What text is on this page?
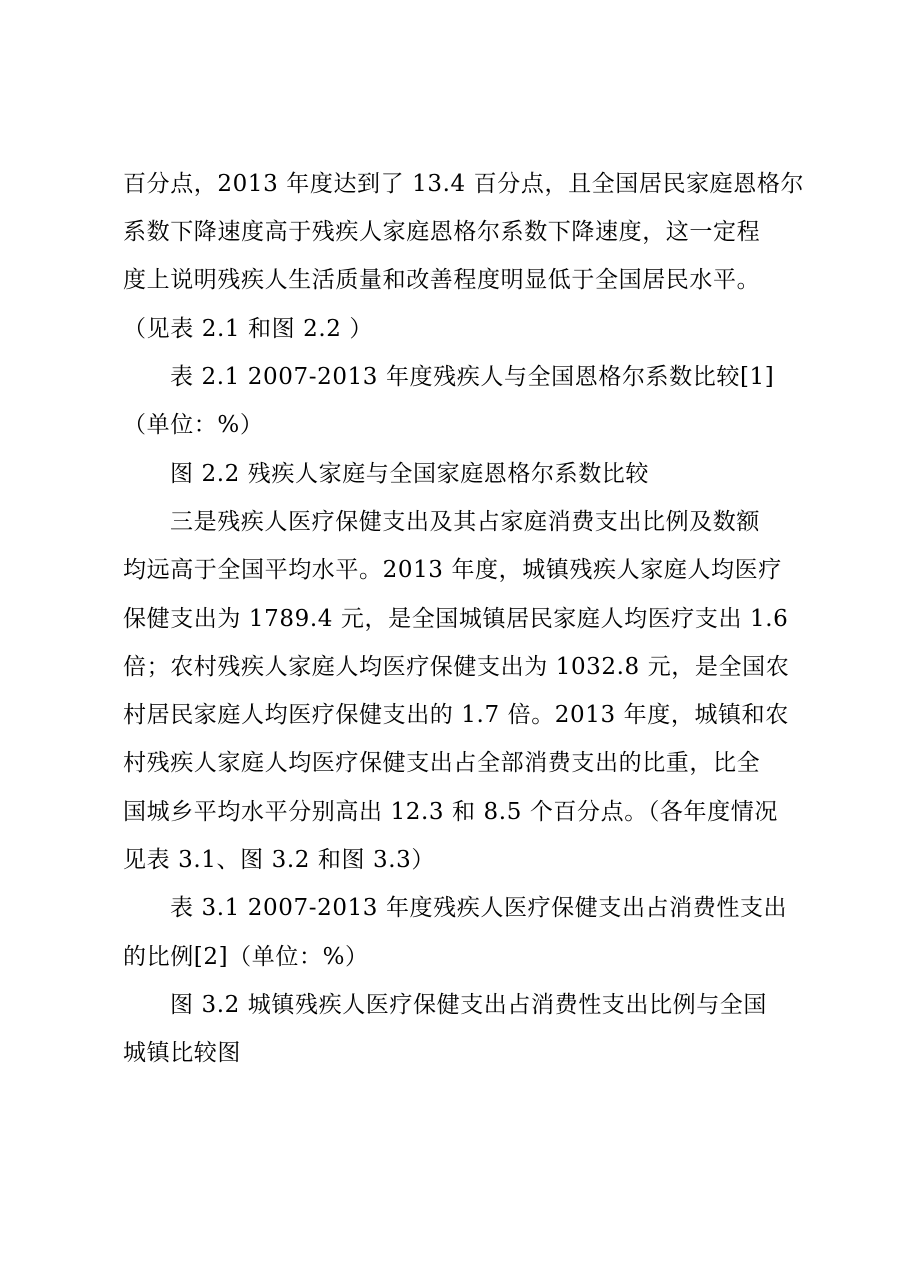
百分点，2013 年度达到了 13.4 百分点，且全国居民家庭恩格尔
系数下降速度高于残疾人家庭恩格尔系数下降速度，这一定程
度上说明残疾人生活质量和改善程度明显低于全国居民水平。
（见表 2.1 和图 2.2 ）
表 2.1 2007-2013 年度残疾人与全国恩格尔系数比较[1]
（单位：%）
图 2.2 残疾人家庭与全国家庭恩格尔系数比较
三是残疾人医疗保健支出及其占家庭消费支出比例及数额
均远高于全国平均水平。2013 年度，城镇残疾人家庭人均医疗
保健支出为 1789.4 元，是全国城镇居民家庭人均医疗支出 1.6
倍；农村残疾人家庭人均医疗保健支出为 1032.8 元，是全国农
村居民家庭人均医疗保健支出的 1.7 倍。2013 年度，城镇和农
村残疾人家庭人均医疗保健支出占全部消费支出的比重，比全
国城乡平均水平分别高出 12.3 和 8.5 个百分点。（各年度情况
见表 3.1、图 3.2 和图 3.3）
表 3.1 2007-2013 年度残疾人医疗保健支出占消费性支出
的比例[2]（单位：%）
图 3.2 城镇残疾人医疗保健支出占消费性支出比例与全国
城镇比较图
